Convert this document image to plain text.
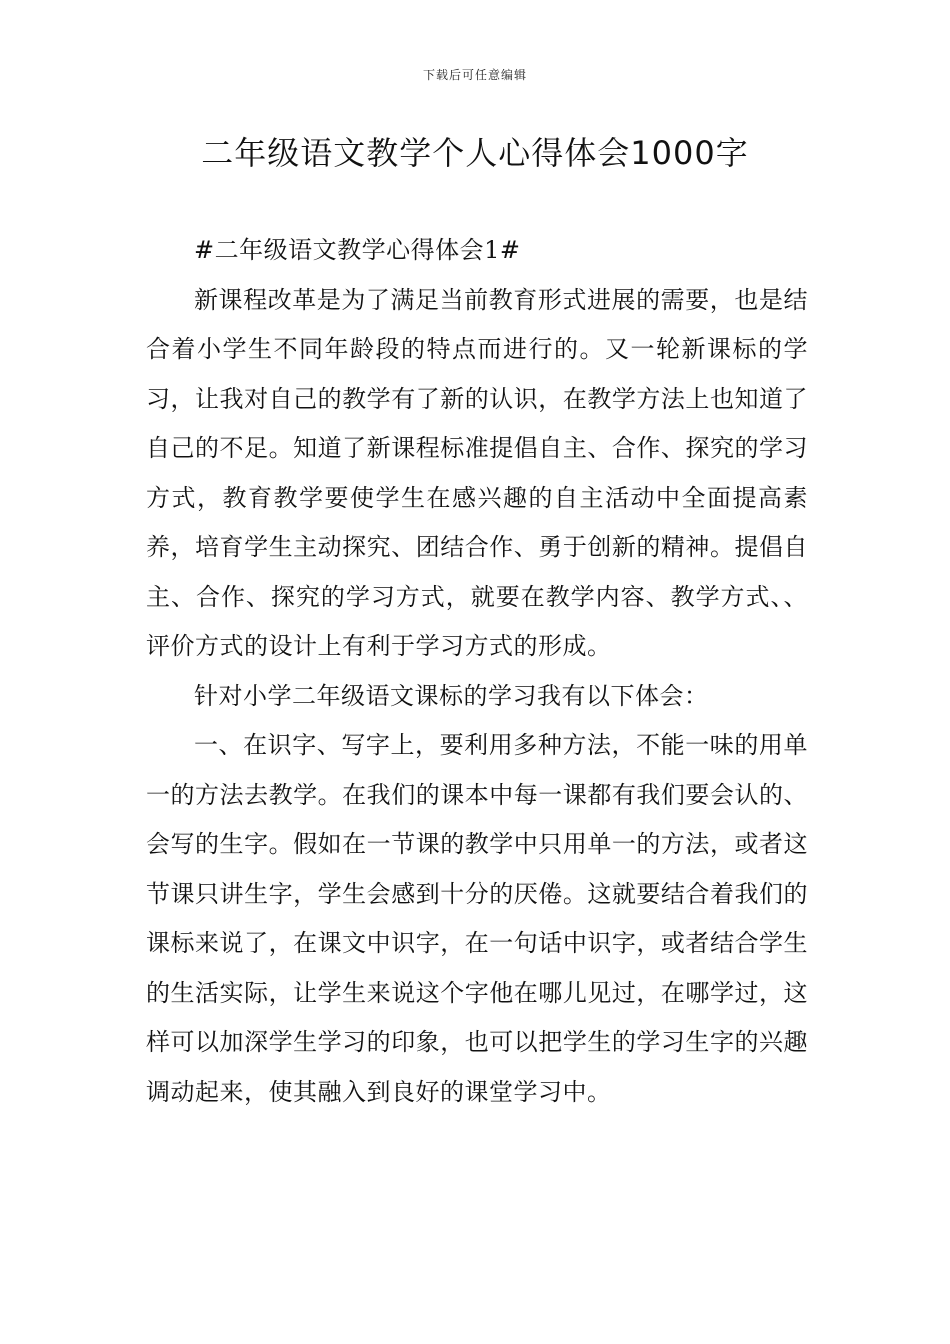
下载后可任意编辑
二年级语文教学个人心得体会1000字

#二年级语文教学心得体会1#

新课程改革是为了满足当前教育形式进展的需要，也是结合着小学生不同年龄段的特点而进行的。又一轮新课标的学习，让我对自己的教学有了新的认识，在教学方法上也知道了自己的不足。知道了新课程标准提倡自主、合作、探究的学习方式，教育教学要使学生在感兴趣的自主活动中全面提高素养，培育学生主动探究、团结合作、勇于创新的精神。提倡自主、合作、探究的学习方式，就要在教学内容、教学方式、、评价方式的设计上有利于学习方式的形成。

针对小学二年级语文课标的学习我有以下体会：

一、在识字、写字上，要利用多种方法，不能一味的用单一的方法去教学。在我们的课本中每一课都有我们要会认的、会写的生字。假如在一节课的教学中只用单一的方法，或者这节课只讲生字，学生会感到十分的厌倦。这就要结合着我们的课标来说了，在课文中识字，在一句话中识字，或者结合学生的生活实际，让学生来说这个字他在哪儿见过，在哪学过，这样可以加深学生学习的印象，也可以把学生的学习生字的兴趣调动起来，使其融入到良好的课堂学习中。
